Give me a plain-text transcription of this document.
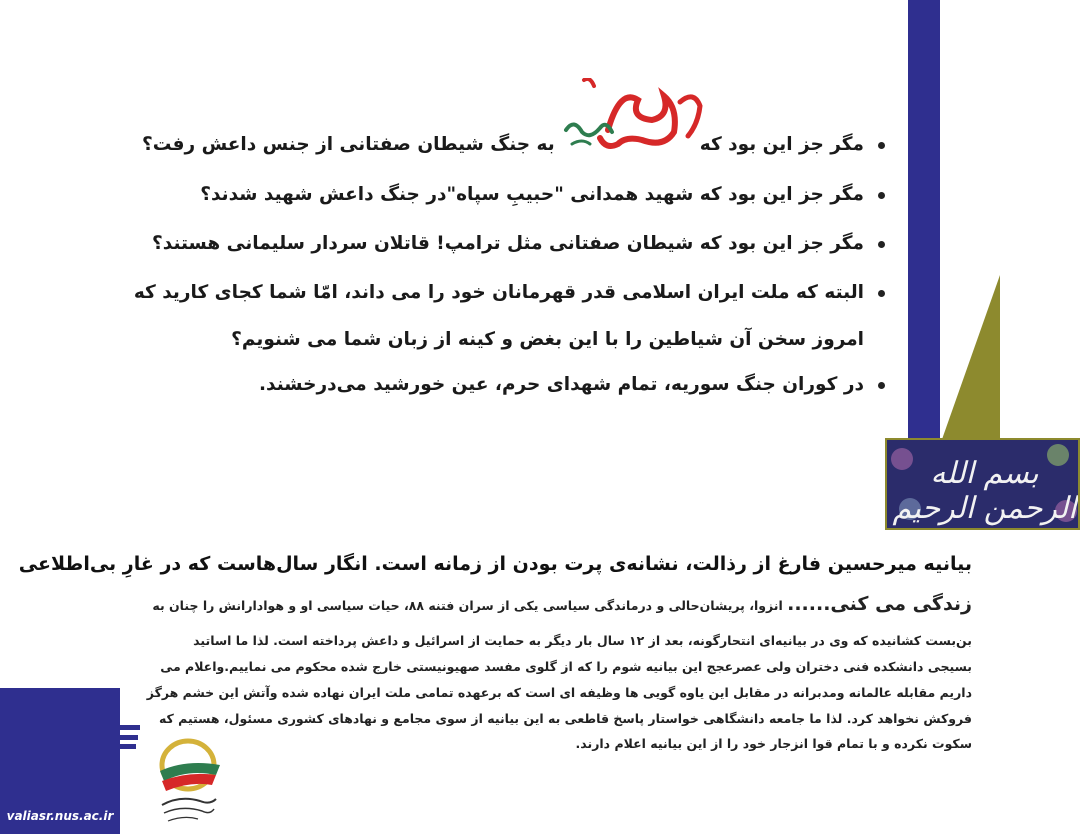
بسم الله الرحمن الرحیم
valiasr.nus.ac.ir
مگر جز این بود کهبه جنگ شیطان صفتانی از جنس داعش رفت؟
مگر جز این بود که شهید همدانی "حبیبِ سپاه"در جنگ داعش شهید شدند؟
مگر جز این بود که شیطان صفتانی مثل ترامپ! قاتلان سردار سلیمانی هستند؟
البته که ملت ایران اسلامی قدر قهرمانان خود را می داند، امّا شما کجای کارید که
امروز سخن آن شیاطین را با این بغض و کینه از زبان شما می شنویم؟
در کوران جنگ سوریه، تمام شهدای حرم، عین خورشید می‌درخشند.
بیانیه میرحسین فارغ از رذالت، نشانه‌ی پرت بودن از زمانه است. انگار سال‌هاست که در غارِ بی‌اطلاعی
زندگی می کنی...... انزوا، پریشان‌حالی و درماندگی سیاسی یکی از سران فتنه ۸۸، حیات سیاسی او و هوادارانش را چنان به
بن‌بست کشانیده که وی در بیانیه‌ای انتحارگونه، بعد از ۱۲ سال بار دیگر به حمایت از اسرائیل و داعش پرداخته است. لذا ما اساتید
بسیجی دانشکده فنی دختران ولی عصرعجج این بیانیه شوم را که از گلوی مفسد صهیونیستی خارج شده محکوم می نماییم.واعلام می
داریم مقابله عالمانه ومدبرانه در مقابل این یاوه گویی ها وظیفه ای است که برعهده تمامی ملت ایران نهاده شده وآتش این خشم هرگز
فروکش نخواهد کرد. لذا ما جامعه دانشگاهی خواستار پاسخ قاطعی به این بیانیه از سوی مجامع و نهادهای کشوری مسئول، هستیم که
سکوت نکرده و با تمام قوا انزجار خود را از این بیانیه اعلام دارند.
